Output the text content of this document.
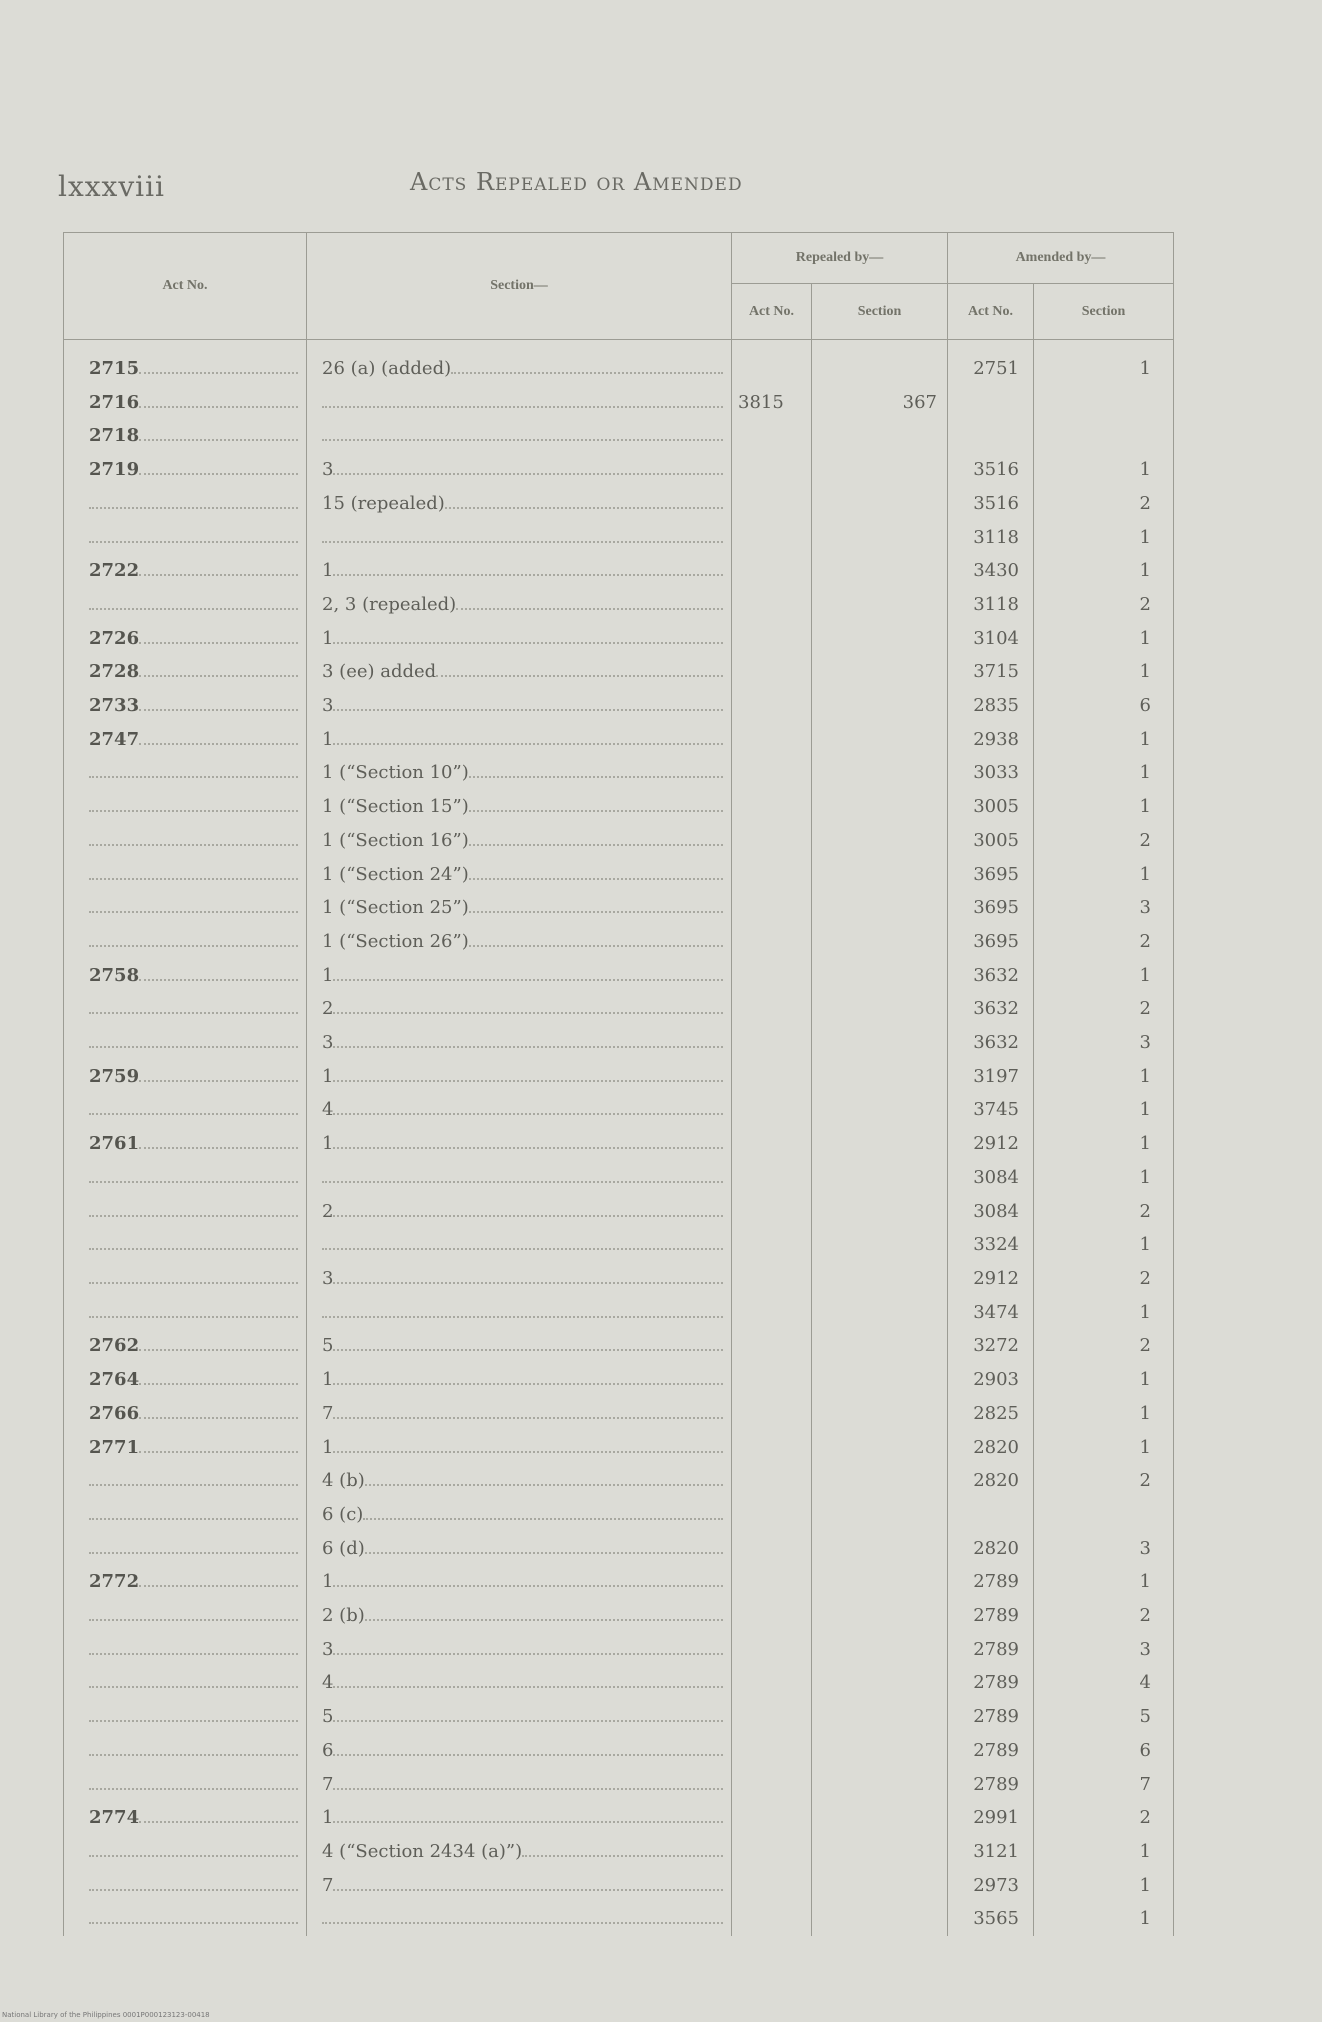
lxxxviii	Acts Repealed or Amended
Act No.	Section—	Repealed by—		Amended by—	
		Act No.	Section	Act No.	Section
2715	26 (a) (added)			2751	1
2716		3815	367		
2718					
2719	3			3516	1
	15 (repealed)			3516	2
				3118	1
2722	1			3430	1
	2, 3 (repealed)			3118	2
2726	1			3104	1
2728	3 (ee) added			3715	1
2733	3			2835	6
2747	1			2938	1
	1 (“Section 10”)			3033	1
	1 (“Section 15”)			3005	1
	1 (“Section 16”)			3005	2
	1 (“Section 24”)			3695	1
	1 (“Section 25”)			3695	3
	1 (“Section 26”)			3695	2
2758	1			3632	1
	2			3632	2
	3			3632	3
2759	1			3197	1
	4			3745	1
2761	1			2912	1
				3084	1
	2			3084	2
				3324	1
	3			2912	2
				3474	1
2762	5			3272	2
2764	1			2903	1
2766	7			2825	1
2771	1			2820	1
	4 (b)			2820	2
	6 (c)				
	6 (d)			2820	3
2772	1			2789	1
	2 (b)			2789	2
	3			2789	3
	4			2789	4
	5			2789	5
	6			2789	6
	7			2789	7
2774	1			2991	2
	4 (“Section 2434 (a)”)			3121	1
	7			2973	1
				3565	1
National Library of the Philippines 0001P000123123-00418
